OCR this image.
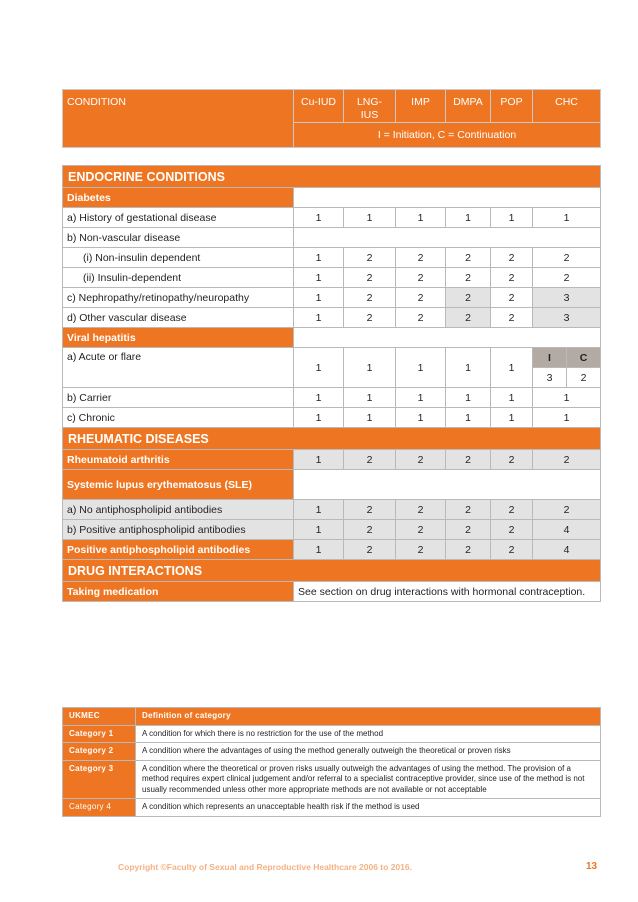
CONDITION	Cu-IUD	LNG-
IUS	IMP	DMPA	POP	CHC
I = Initiation, C = Continuation
ENDOCRINE CONDITIONS							
Diabetes							
a) History of gestational disease	1	1	1	1	1	1	
b) Non-vascular disease							
(i) Non-insulin dependent	1	2	2	2	2	2	
(ii) Insulin-dependent	1	2	2	2	2	2	
c) Nephropathy/retinopathy/neuropathy	1	2	2	2	2	3	
d) Other vascular disease	1	2	2	2	2	3	
Viral hepatitis							
a) Acute or flare	1	1	1	1	1	I	C
						3	2
b) Carrier	1	1	1	1	1	1	
c) Chronic	1	1	1	1	1	1	
RHEUMATIC DISEASES							
Rheumatoid arthritis	1	2	2	2	2	2	
Systemic lupus erythematosus (SLE)							
a) No antiphospholipid antibodies	1	2	2	2	2	2	
b) Positive antiphospholipid antibodies	1	2	2	2	2	4	
Positive antiphospholipid antibodies	1	2	2	2	2	4	
DRUG INTERACTIONS							
Taking medication	See section on drug interactions with hormonal contraception.						
UKMEC	Definition of category
Category 1	A condition for which there is no restriction for the use of the method
Category 2	A condition where the advantages of using the method generally outweigh the theoretical or proven risks
Category 3	A condition where the theoretical or proven risks usually outweigh the advantages of using the method. The provision of a method requires expert clinical judgement and/or referral to a specialist contraceptive provider, since use of the method is not usually recommended unless other more appropriate methods are not available or not acceptable
Category 4	A condition which represents an unacceptable health risk if the method is used
Copyright ©Faculty of Sexual and Reproductive Healthcare 2006 to 2016.	13
